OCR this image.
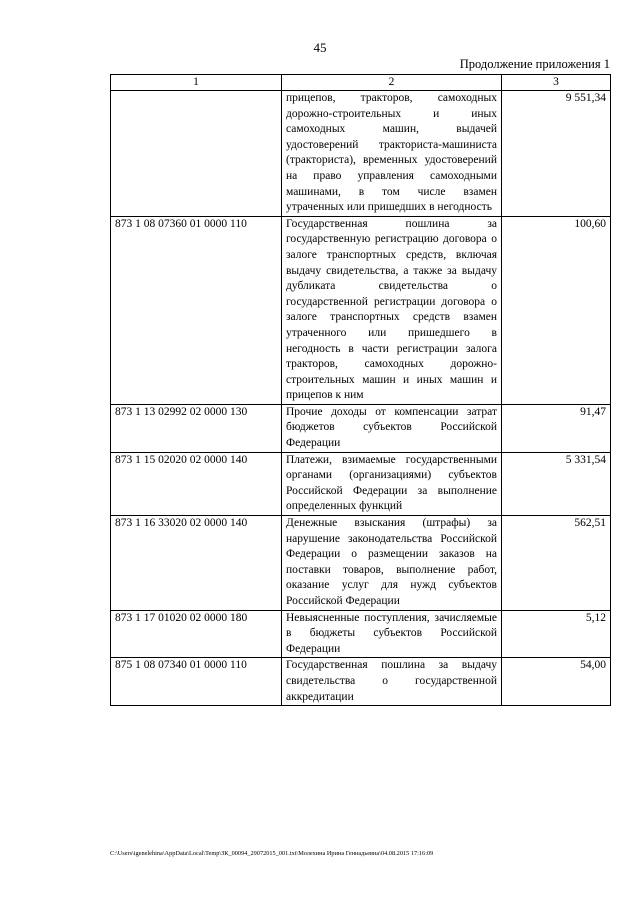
45
Продолжение приложения 1
1	2	3
	прицепов, тракторов, самоходных дорожно-строительных и иных самоходных машин, выдачей удостоверений тракториста-машиниста (тракториста), временных удостоверений на право управления самоходными машинами, в том числе взамен утраченных или пришедших в негодность	9 551,34
873 1 08 07360 01 0000 110	Государственная пошлина за государственную регистрацию договора о залоге транспортных средств, включая выдачу свидетельства, а также за выдачу дубликата свидетельства о государственной регистрации договора о залоге транспортных средств взамен утраченного или пришедшего в негодность в части регистрации залога тракторов, самоходных дорожно-строительных машин и иных машин и прицепов к ним	100,60
873 1 13 02992 02 0000 130	Прочие доходы от компенсации затрат бюджетов субъектов Российской Федерации	91,47
873 1 15 02020 02 0000 140	Платежи, взимаемые государственными органами (организациями) субъектов Российской Федерации за выполнение определенных функций	5 331,54
873 1 16 33020 02 0000 140	Денежные взыскания (штрафы) за нарушение законодательства Российской Федерации о размещении заказов на поставки товаров, выполнение работ, оказание услуг для нужд субъектов Российской Федерации	562,51
873 1 17 01020 02 0000 180	Невыясненные поступления, зачисляемые в бюджеты субъектов Российской Федерации	5,12
875 1 08 07340 01 0000 110	Государственная пошлина за выдачу свидетельства о государственной аккредитации	54,00
C:\Users\igenelehina\AppData\Local\Temp\ЗК_00094_29072015_001.txt\Молехина Ирина Геннадьевна\04.08.2015 17:16:09
